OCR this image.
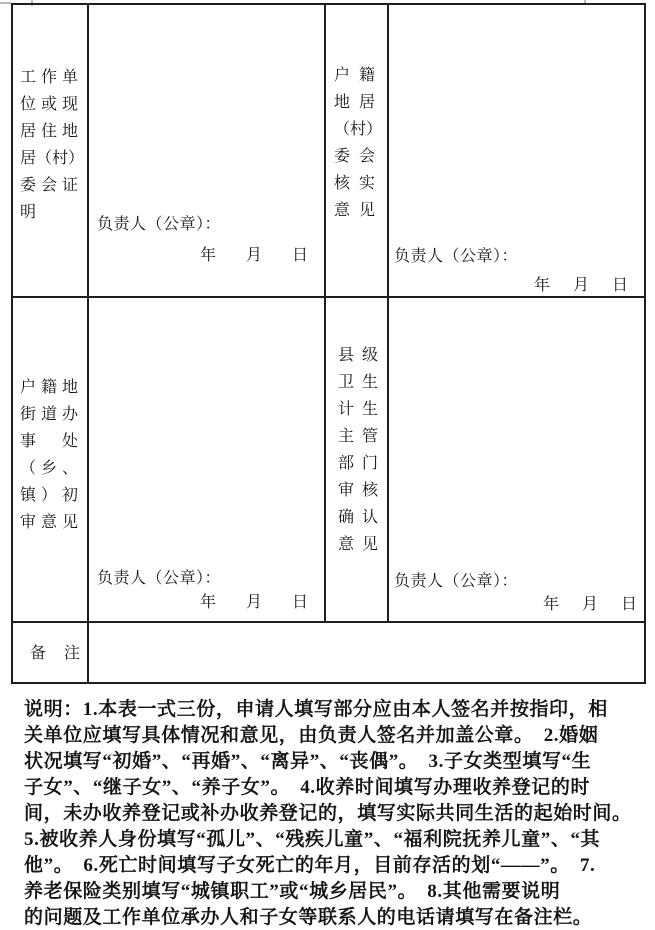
工 作 单
位 或 现
居 住 地
居 （ 村 ）
委 会 证
明
负责人（公章）：
年 月 日
户 籍
地 居
（ 村 ）
委 会
核 实
意 见
负责人（公章）：
年 月 日
户 籍 地
街 道 办
事 处
（ 乡 、
镇 ） 初
审 意 见
负责人（公章）：
年 月 日
县 级
卫 生
计 生
主 管
部 门
审 核
确 认
意 见
负责人（公章）：
年 月 日
备 注
说明：1.本表一式三份，申请人填写部分应由本人签名并按指印，相
关单位应填写具体情况和意见，由负责人签名并加盖公章。　2.婚姻
状况填写“初婚”、“再婚”、“离异”、“丧偶”。　3.子女类型填写“生
子女”、“继子女”、“养子女”。　4.收养时间填写办理收养登记的时
间，未办收养登记或补办收养登记的，填写实际共同生活的起始时间。
5.被收养人身份填写“孤儿”、“残疾儿童”、“福利院抚养儿童”、“其
他”。　6.死亡时间填写子女死亡的年月，目前存活的划“——”。　7.
养老保险类别填写“城镇职工”或“城乡居民”。　8.其他需要说明
的问题及工作单位承办人和子女等联系人的电话请填写在备注栏。
